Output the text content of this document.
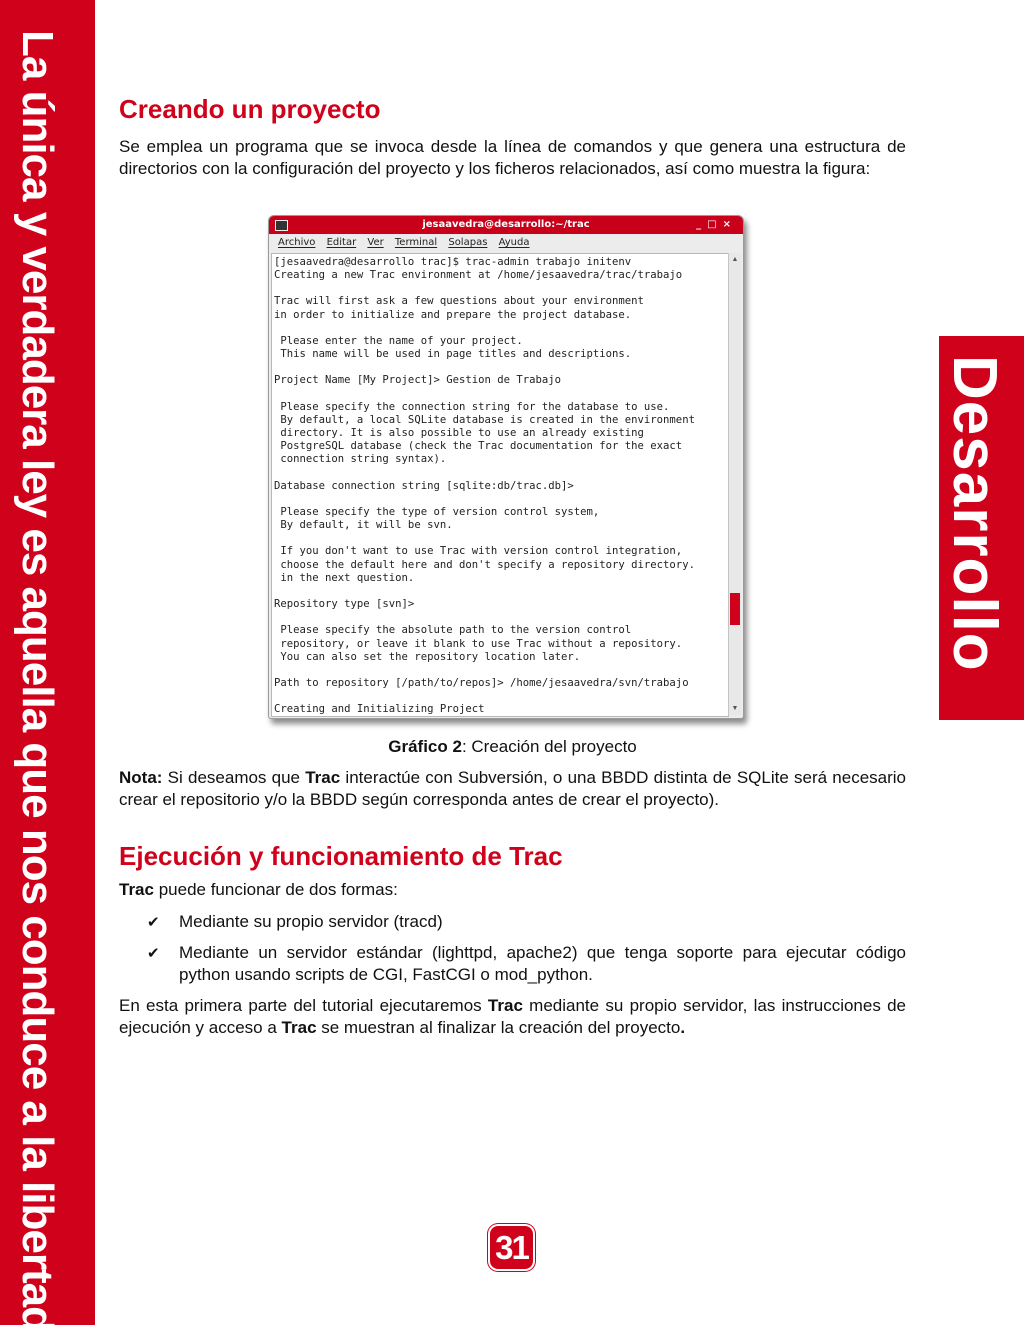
La única y verdadera ley es aquella que nos conduce a la libertad	Desarrollo
Creando un proyecto

Se emplea un programa que se invoca desde la línea de comandos y que genera una estructura de directorios con la configuración del proyecto y los ficheros relacionados, así como muestra la figura:

jesaavedra@desarrollo:~/trac	_□×
Archivo Editar Ver Terminal Solapas Ayuda
[jesaavedra@desarrollo trac]$ trac-admin trabajo initenv
Creating a new Trac environment at /home/jesaavedra/trac/trabajo

Trac will first ask a few questions about your environment
in order to initialize and prepare the project database.

Please enter the name of your project.
This name will be used in page titles and descriptions.

Project Name [My Project]> Gestion de Trabajo

Please specify the connection string for the database to use.
By default, a local SQLite database is created in the environment
directory. It is also possible to use an already existing
PostgreSQL database (check the Trac documentation for the exact
connection string syntax).

Database connection string [sqlite:db/trac.db]>

Please specify the type of version control system,
By default, it will be svn.

If you don't want to use Trac with version control integration,
choose the default here and don't specify a repository directory.
in the next question.

Repository type [svn]>

Please specify the absolute path to the version control
repository, or leave it blank to use Trac without a repository.
You can also set the repository location later.

Path to repository [/path/to/repos]> /home/jesaavedra/svn/trabajo

Creating and Initializing Project

▲
▼
Gráfico 2: Creación del proyecto

Nota: Si deseamos que Trac interactúe con Subversión, o una BBDD distinta de SQLite será necesario crear el repositorio y/o la BBDD según corresponda antes de crear el proyecto).

Ejecución y funcionamiento de Trac

Trac puede funcionar de dos formas:

✔ Mediante su propio servidor (tracd)
✔ Mediante un servidor estándar (lighttpd, apache2) que tenga soporte para ejecutar código python usando scripts de CGI, FastCGI o mod_python.

En esta primera parte del tutorial ejecutaremos Trac mediante su propio servidor, las instrucciones de ejecución y acceso a Trac se muestran al finalizar la creación del proyecto.

31
